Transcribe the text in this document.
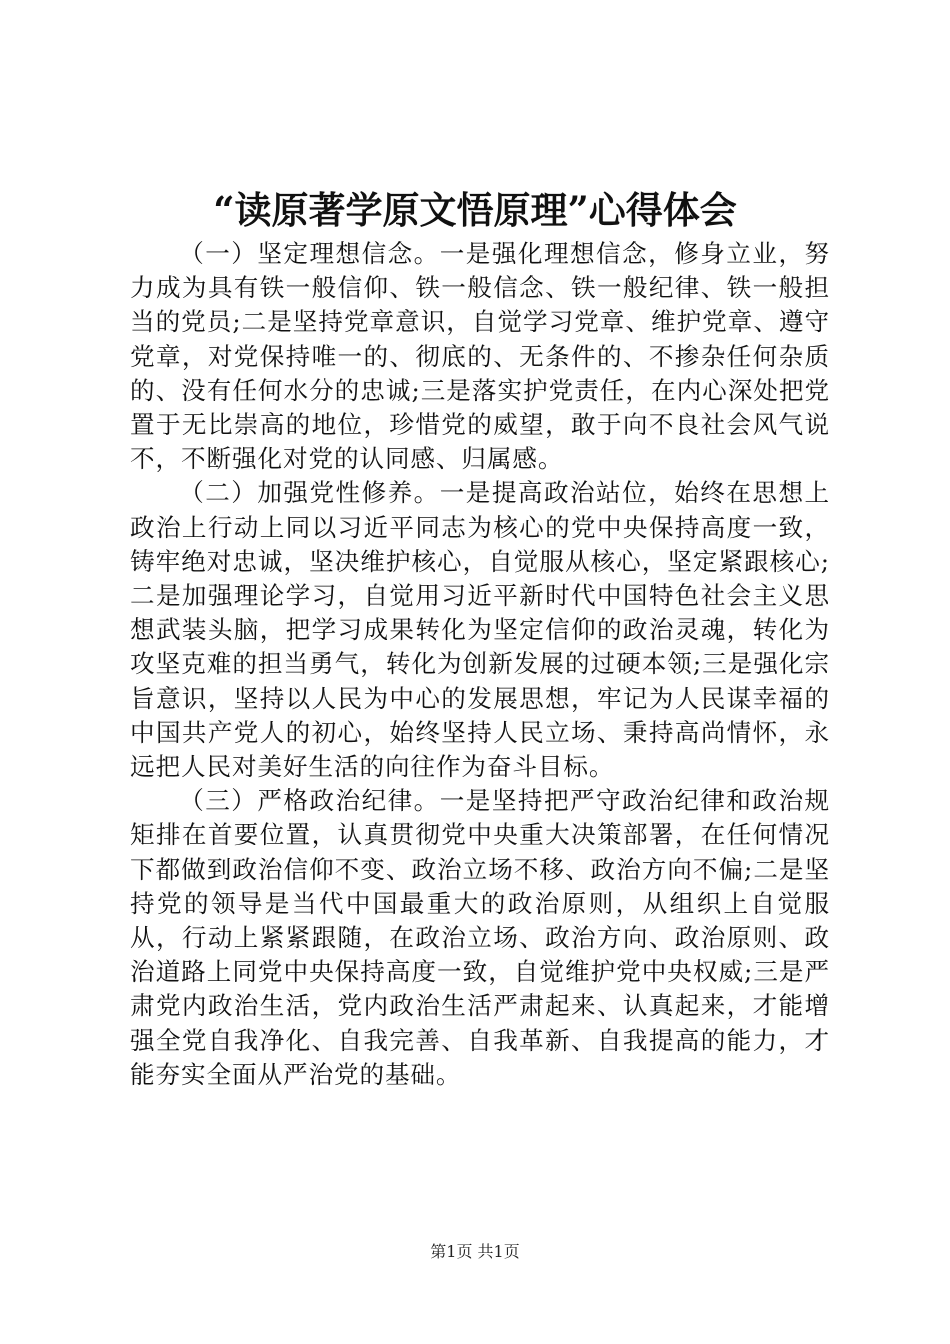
“读原著学原文悟原理”心得体会

（一）坚定理想信念。一是强化理想信念，修身立业，努力成为具有铁一般信仰、铁一般信念、铁一般纪律、铁一般担当的党员;二是坚持党章意识，自觉学习党章、维护党章、遵守党章，对党保持唯一的、彻底的、无条件的、不掺杂任何杂质的、没有任何水分的忠诚;三是落实护党责任，在内心深处把党置于无比崇高的地位，珍惜党的威望，敢于向不良社会风气说不，不断强化对党的认同感、归属感。

（二）加强党性修养。一是提高政治站位，始终在思想上政治上行动上同以习近平同志为核心的党中央保持高度一致，铸牢绝对忠诚，坚决维护核心，自觉服从核心，坚定紧跟核心;二是加强理论学习，自觉用习近平新时代中国特色社会主义思想武装头脑，把学习成果转化为坚定信仰的政治灵魂，转化为攻坚克难的担当勇气，转化为创新发展的过硬本领;三是强化宗旨意识，坚持以人民为中心的发展思想，牢记为人民谋幸福的中国共产党人的初心，始终坚持人民立场、秉持高尚情怀，永远把人民对美好生活的向往作为奋斗目标。

（三）严格政治纪律。一是坚持把严守政治纪律和政治规矩排在首要位置，认真贯彻党中央重大决策部署，在任何情况下都做到政治信仰不变、政治立场不移、政治方向不偏;二是坚持党的领导是当代中国最重大的政治原则，从组织上自觉服从，行动上紧紧跟随，在政治立场、政治方向、政治原则、政治道路上同党中央保持高度一致，自觉维护党中央权威;三是严肃党内政治生活，党内政治生活严肃起来、认真起来，才能增强全党自我净化、自我完善、自我革新、自我提高的能力，才能夯实全面从严治党的基础。

第1页 共1页
